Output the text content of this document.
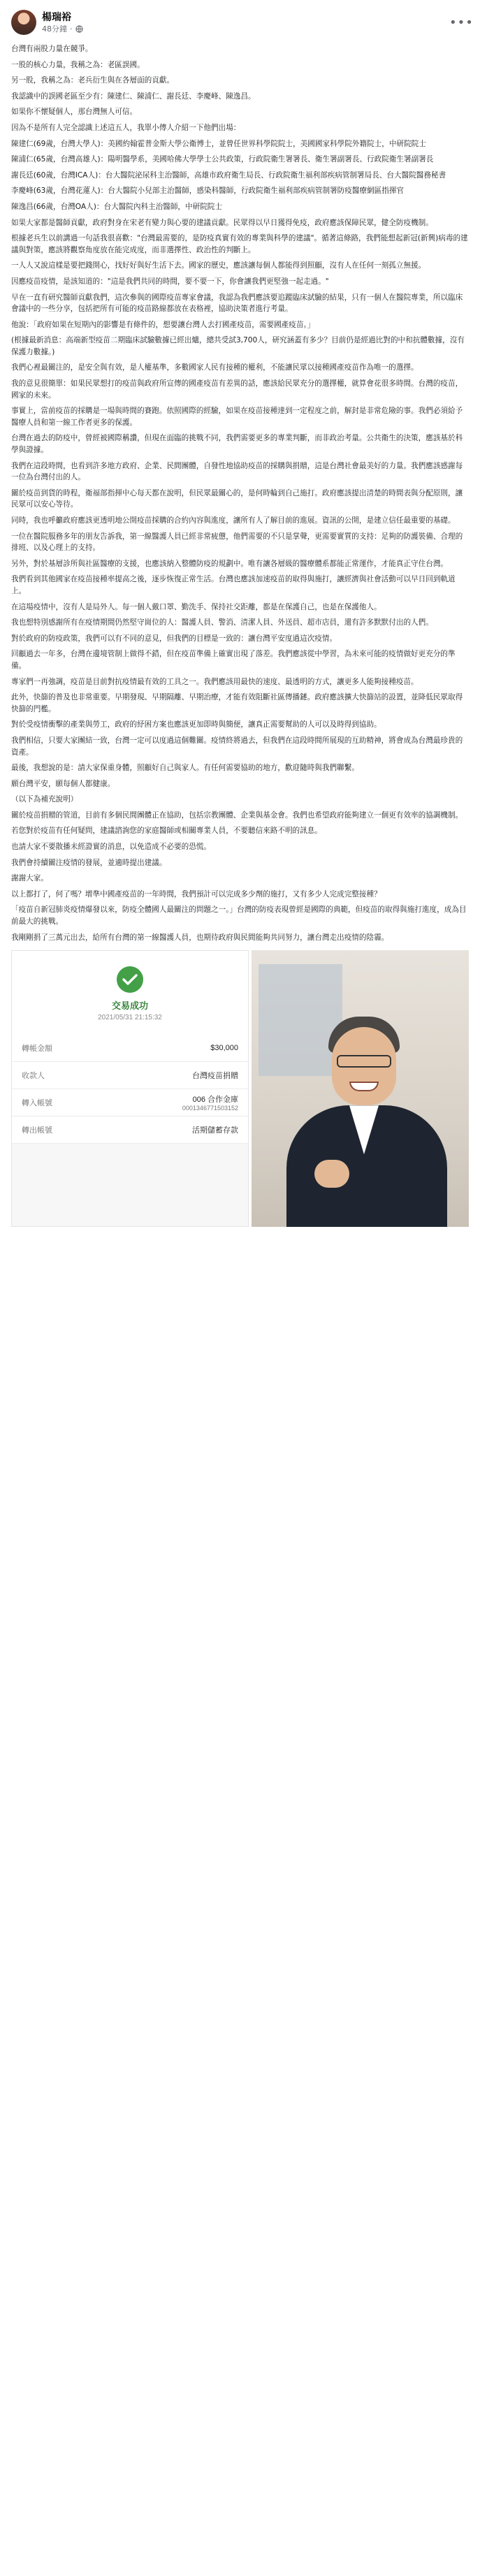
楊瑞裕
48分鐘 ·	•••

台灣有兩股力量在競爭。

一股的核心力量，我稱之為：老區誤國。

另一股，我稱之為：老兵衍生與在各層面的貢獻。

我認識中的誤國老區至少有：陳建仁、陳浦仁、謝長廷、李慶峰、陳逸昌。

如果你不懷疑個人，那台灣無人可信。

因為不是所有人完全認識上述這五人，我單小傳人介紹一下他們出場：

陳建仁(69歲，台灣大學人)：美國約翰霍普金斯大學公衛博士，並曾任世界科學院院士，美國國家科學院外籍院士，中研院院士

陳浦仁(65歲，台灣高雄人)：陽明醫學系，美國哈佛大學學士公共政策，行政院衛生署署長、衛生署副署長、行政院衛生署副署長

謝長廷(60歲，台灣ICA人)：台大醫院泌尿科主治醫師，高雄市政府衛生局長、行政院衛生福利部疾病管制署局長、台大醫院醫務秘書

李慶峰(63歲，台灣花蓮人)：台大醫院小兒部主治醫師，感染科醫師，行政院衛生福利部疾病管制署防疫醫療網區指揮官

陳逸昌(66歲，台灣OA人)：台大醫院內科主治醫師，中研院院士

如果大家都是醫師貢獻，政府對身在宋老有變力與心要的建議貢獻。民眾得以早日獲得免疫，政府應該保障民眾，健全防疫機制。

根據老兵生以前講過一句話我很喜歡："台灣最需要的，是防疫真實有效的專業與科學的建議"。循著這條路，我們能想起新冠(新興)病毒的建議與對策，應該將觀察角度放在能完成度，而非選擇性、政治性的判斷上。

一人人又說這樣是要把錢開心，找好好與好生活下去。國家的歷史，應該讓每個人都能得到照顧，沒有人在任何一刻孤立無援。

因應疫苗疫情，是該知道的："這是我們共同的時間，要不要一下，你會讓我們更堅強一起走過。"

早在一直有研究醫師貢獻我們，這次參與的國際疫苗專家會議，我認為我們應該要追蹤臨床試驗的結果，只有一個人在醫院專業，所以臨床會議中的一些分享，包括把所有可能的疫苗路線都放在表格裡，協助決策者進行考量。

他說：「政府如果在短期內的影響是有條件的，想要讓台灣人去打國產疫苗，需要國產疫苗。」

(根據最新消息：高端新型疫苗二期臨床試驗數據已經出爐，總共受試3,700人，研究涵蓋有多少？目前仍是經過比對的中和抗體數據，沒有保護力數據。)

我們心裡最關注的，是安全與有效，是人權基準，多數國家人民有接種的權利，不能讓民眾以接種國產疫苗作為唯一的選擇。

我的意見很簡單：如果民眾想打的疫苗與政府所宣傳的國產疫苗有差異的話，應該給民眾充分的選擇權，就算會花很多時間。台灣的疫苗，國家的未來。

事實上，當前疫苗的採購是一場與時間的賽跑。依照國際的經驗，如果在疫苗接種達到一定程度之前，解封是非常危險的事。我們必須給予醫療人員和第一線工作者更多的保護。

台灣在過去的防疫中，曾經被國際稱讚，但現在面臨的挑戰不同，我們需要更多的專業判斷，而非政治考量。公共衛生的決策，應該基於科學與證據。

我們在這段時間，也看到許多地方政府、企業、民間團體，自發性地協助疫苗的採購與捐贈，這是台灣社會最美好的力量。我們應該感謝每一位為台灣付出的人。

關於疫苗到貨的時程，衛福部指揮中心每天都在說明，但民眾最關心的，是何時輪到自己施打。政府應該提出清楚的時間表與分配原則，讓民眾可以安心等待。

同時，我也呼籲政府應該更透明地公開疫苗採購的合約內容與進度，讓所有人了解目前的進展。資訊的公開，是建立信任最重要的基礎。

一位在醫院服務多年的朋友告訴我，第一線醫護人員已經非常疲憊，他們需要的不只是掌聲，更需要實質的支持：足夠的防護裝備、合理的排班、以及心理上的支持。

另外，對於基層診所與社區醫療的支援，也應該納入整體防疫的規劃中。唯有讓各層級的醫療體系都能正常運作，才能真正守住台灣。

我們看到其他國家在疫苗接種率提高之後，逐步恢復正常生活。台灣也應該加速疫苗的取得與施打，讓經濟與社會活動可以早日回到軌道上。

在這場疫情中，沒有人是局外人。每一個人戴口罩、勤洗手、保持社交距離，都是在保護自己，也是在保護他人。

我也想特別感謝所有在疫情期間仍然堅守崗位的人：醫護人員、警消、清潔人員、外送員、超市店員，還有許多默默付出的人們。

對於政府的防疫政策，我們可以有不同的意見，但我們的目標是一致的：讓台灣平安度過這次疫情。

回顧過去一年多，台灣在邊境管制上做得不錯，但在疫苗準備上確實出現了落差。我們應該從中學習，為未來可能的疫情做好更充分的準備。

專家們一再強調，疫苗是目前對抗疫情最有效的工具之一。我們應該用最快的速度、最透明的方式，讓更多人能夠接種疫苗。

此外，快篩的普及也非常重要。早期發現、早期隔離、早期治療，才能有效阻斷社區傳播鏈。政府應該擴大快篩站的設置，並降低民眾取得快篩的門檻。

對於受疫情衝擊的產業與勞工，政府的紓困方案也應該更加即時與簡便，讓真正需要幫助的人可以及時得到協助。

我們相信，只要大家團結一致，台灣一定可以度過這個難關。疫情終將過去，但我們在這段時間所展現的互助精神，將會成為台灣最珍貴的資產。

最後，我想說的是：請大家保重身體，照顧好自己與家人。有任何需要協助的地方，歡迎隨時與我們聯繫。

願台灣平安，願每個人都健康。

（以下為補充說明）

關於疫苗捐贈的管道，目前有多個民間團體正在協助，包括宗教團體、企業與基金會。我們也希望政府能夠建立一個更有效率的協調機制。

若您對於疫苗有任何疑問，建議諮詢您的家庭醫師或相關專業人員，不要聽信來路不明的訊息。

也請大家不要散播未經證實的消息，以免造成不必要的恐慌。

我們會持續關注疫情的發展，並適時提出建議。

謝謝大家。

以上都打了，何了嗎？增準中國產疫苗的一年時間，我們預計可以完成多少劑的施打，又有多少人完成完整接種？

「疫苗自新冠肺炎疫情爆發以來，防疫全體國人最關注的問題之一。」台灣的防疫表現曾經是國際的典範，但疫苗的取得與施打進度，成為目前最大的挑戰。

我剛剛捐了三萬元出去，給所有台灣的第一線醫護人員，也期待政府與民間能夠共同努力，讓台灣走出疫情的陰霾。

交易成功
2021/05/31 21:15:32
轉帳金額	$30,000
收款人	台灣疫苗捐贈
轉入帳號	006 合作金庫
0001346771503152
轉出帳號	活期儲蓄存款
